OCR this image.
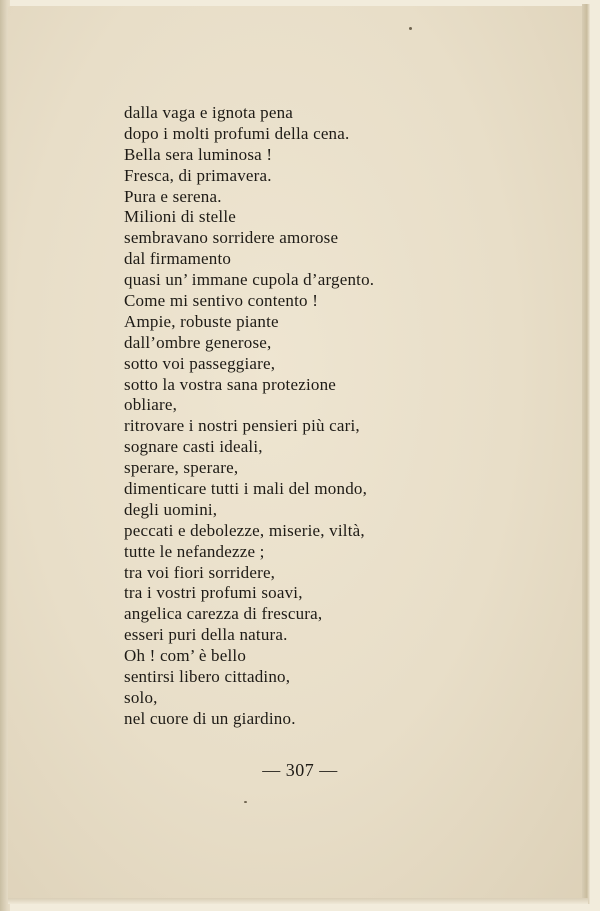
dalla vaga e ignota pena
dopo i molti profumi della cena.
Bella sera luminosa !
Fresca, di primavera.
Pura e serena.
Milioni di stelle
sembravano sorridere amorose
dal firmamento
quasi un’ immane cupola d’argento.
Come mi sentivo contento !
Ampie, robuste piante
dall’ombre generose,
sotto voi passeggiare,
sotto la vostra sana protezione
obliare,
ritrovare i nostri pensieri più cari,
sognare casti ideali,
sperare, sperare,
dimenticare tutti i mali del mondo,
degli uomini,
peccati e debolezze, miserie, viltà,
tutte le nefandezze ;
tra voi fiori sorridere,
tra i vostri profumi soavi,
angelica carezza di frescura,
esseri puri della natura.
Oh ! com’ è bello
sentirsi libero cittadino,
solo,
nel cuore di un giardino.
— 307 —
